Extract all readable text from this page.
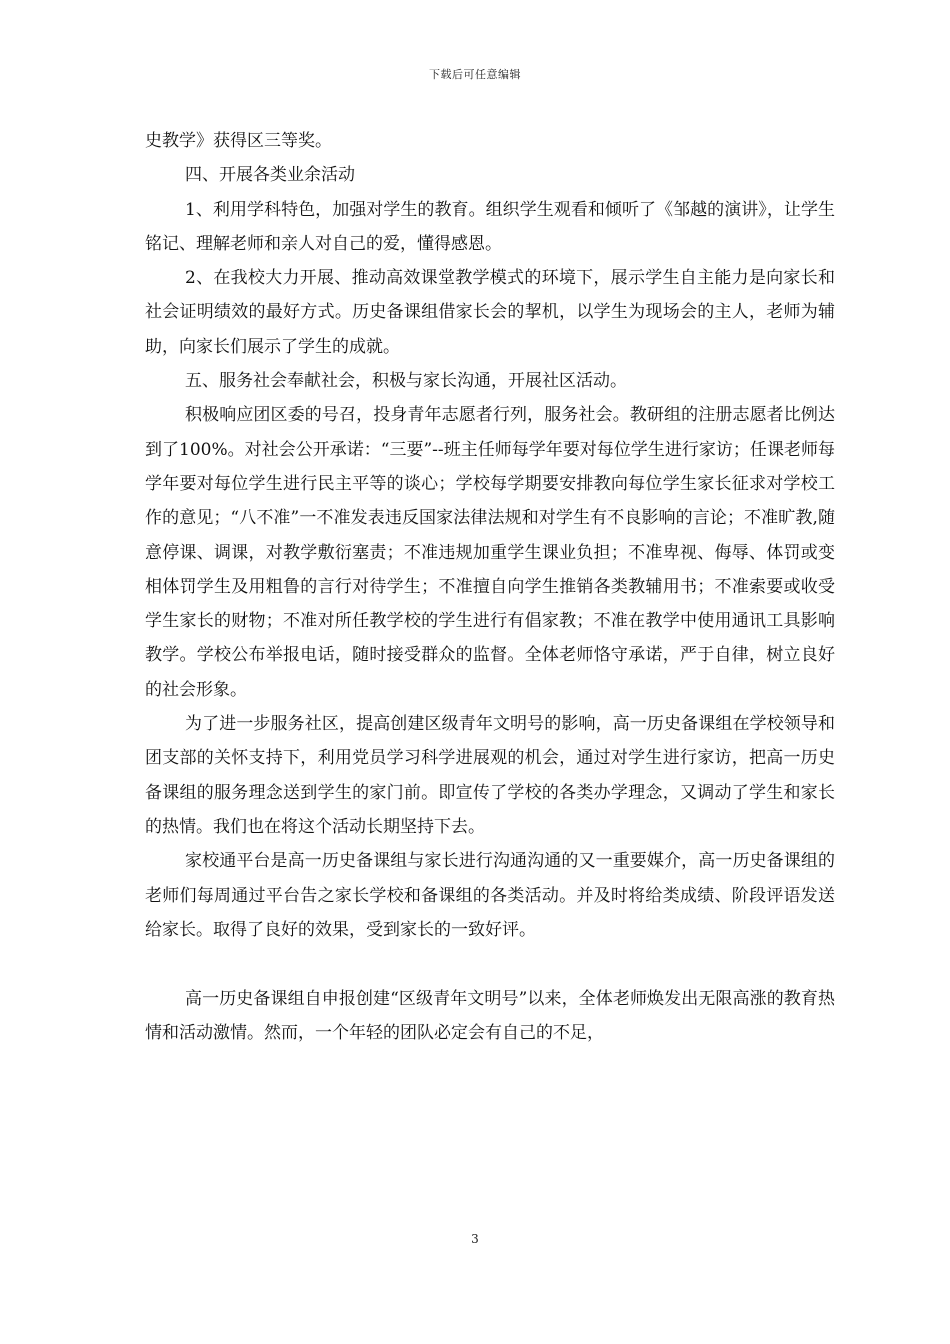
下载后可任意编辑

史教学》获得区三等奖。

四、开展各类业余活动

1、利用学科特色，加强对学生的教育。组织学生观看和倾听了《邹越的演讲》，让学生铭记、理解老师和亲人对自己的爱，懂得感恩。

2、在我校大力开展、推动高效课堂教学模式的环境下，展示学生自主能力是向家长和社会证明绩效的最好方式。历史备课组借家长会的挈机，以学生为现场会的主人，老师为辅助，向家长们展示了学生的成就。

五、服务社会奉献社会，积极与家长沟通，开展社区活动。

积极响应团区委的号召，投身青年志愿者行列，服务社会。教研组的注册志愿者比例达到了100%。对社会公开承诺：“三要”--班主任师每学年要对每位学生进行家访；任课老师每学年要对每位学生进行民主平等的谈心；学校每学期要安排教向每位学生家长征求对学校工作的意见；“八不准”一不准发表违反国家法律法规和对学生有不良影响的言论；不准旷教,随意停课、调课，对教学敷衍塞责；不准违规加重学生课业负担；不准卑视、侮辱、体罚或变相体罚学生及用粗鲁的言行对待学生；不准擅自向学生推销各类教辅用书；不准索要或收受学生家长的财物；不准对所任教学校的学生进行有倡家教；不准在教学中使用通讯工具影响教学。学校公布举报电话，随时接受群众的监督。全体老师恪守承诺，严于自律，树立良好的社会形象。

为了进一步服务社区，提高创建区级青年文明号的影响，高一历史备课组在学校领导和团支部的关怀支持下，利用党员学习科学进展观的机会，通过对学生进行家访，把高一历史备课组的服务理念送到学生的家门前。即宣传了学校的各类办学理念，又调动了学生和家长的热情。我们也在将这个活动长期坚持下去。

家校通平台是高一历史备课组与家长进行沟通沟通的又一重要媒介，高一历史备课组的老师们每周通过平台告之家长学校和备课组的各类活动。并及时将给类成绩、阶段评语发送给家长。取得了良好的效果，受到家长的一致好评。

高一历史备课组自申报创建“区级青年文明号”以来，全体老师焕发出无限高涨的教育热情和活动激情。然而，一个年轻的团队必定会有自己的不足，

3
